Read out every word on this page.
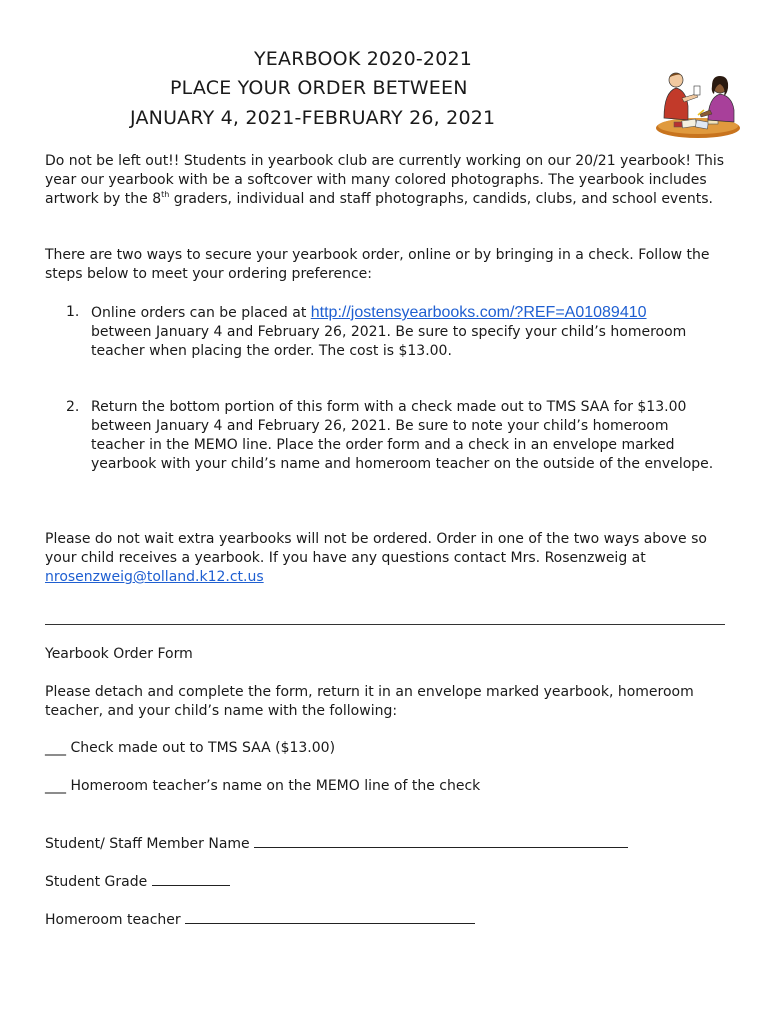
YEARBOOK 2020-2021
PLACE YOUR ORDER BETWEEN
JANUARY 4, 2021-FEBRUARY 26, 2021

Do not be left out!! Students in yearbook club are currently working on our 20/21 yearbook! This year our yearbook with be a softcover with many colored photographs. The yearbook includes artwork by the 8th graders, individual and staff photographs, candids, clubs, and school events.

There are two ways to secure your yearbook order, online or by bringing in a check. Follow the steps below to meet your ordering preference:
1. Online orders can be placed at http://jostensyearbooks.com/?REF=A01089410
between January 4 and February 26, 2021. Be sure to specify your child’s homeroom teacher when placing the order. The cost is $13.00.
2. Return the bottom portion of this form with a check made out to TMS SAA for $13.00 between January 4 and February 26, 2021. Be sure to note your child’s homeroom teacher in the MEMO line. Place the order form and a check in an envelope marked yearbook with your child’s name and homeroom teacher on the outside of the envelope.
Please do not wait extra yearbooks will not be ordered. Order in one of the two ways above so your child receives a yearbook. If you have any questions contact Mrs. Rosenzweig at nrosenzweig@tolland.k12.ct.us
Yearbook Order Form
Please detach and complete the form, return it in an envelope marked yearbook, homeroom teacher, and your child’s name with the following:
___ Check made out to TMS SAA ($13.00)
___ Homeroom teacher’s name on the MEMO line of the check
Student/ Staff Member Name
Student Grade
Homeroom teacher
